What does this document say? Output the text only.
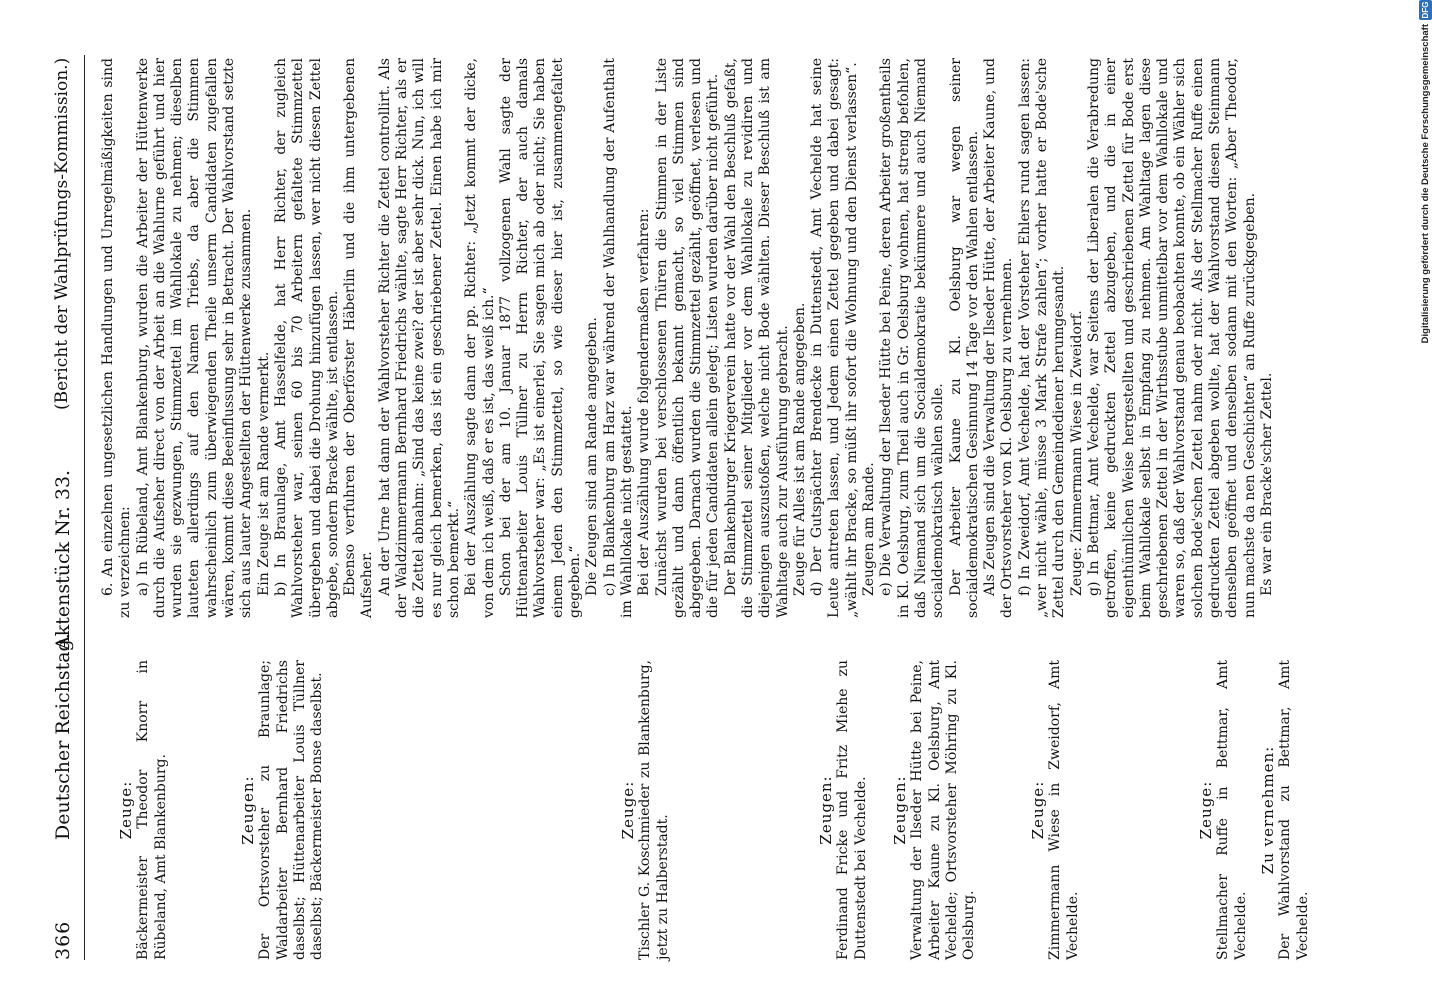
366
Deutscher Reichstag.
Aktenstück Nr. 33.
(Bericht der Wahlprüfungs-Kommission.)
Zeuge: Bäckermeister Theodor Knorr in Rübeland, Amt Blankenburg.	Zeugen: Der Ortsvorsteher zu Braunlage; Waldarbeiter Bernhard Friedrichs daselbst; Hüttenarbeiter Louis Tüllner daselbst; Bäckermeister Bonse daselbst.	Zeuge: Tischler G. Koschmieder zu Blankenburg, jetzt zu Halberstadt.
Zeugen: Ferdinand Fricke und Fritz Miehe zu Duttenstedt bei Vechelde. Zeugen: Verwaltung der Ilseder Hütte bei Peine, Arbeiter Kaune zu Kl. Oelsburg, Amt Vechelde; Ortsvorsteher Möhring zu Kl. Oelsburg.
Zeuge: Zimmermann Wiese in Zweidorf, Amt Vechelde.
Zeuge: Stellmacher Ruffe in Bettmar, Amt Vechelde.
Zu vernehmen: Der Wahlvorstand zu Bettmar, Amt Vechelde.

6. An einzelnen ungesetzlichen Handlungen und Unregelmäßigkeiten sind zu verzeichnen: a) In Rübeland, Amt Blankenburg, wurden die Arbeiter der Hüttenwerke durch die Aufseher direct von der Arbeit an die Wahlurne geführt und hier wurden sie gezwungen, Stimmzettel im Wahllokale zu nehmen; dieselben lauteten allerdings auf den Namen Triebs, da aber die Stimmen wahrscheinlich zum überwiegenden Theile unserm Candidaten zugefallen wären, kommt diese Beeinflussung sehr in Betracht. Der Wahlvorstand setzte sich aus lauter Angestellten der Hüttenwerke zusammen. Ein Zeuge ist am Rande vermerkt. b) In Braunlage, Amt Hasselfelde, hat Herr Richter, der zugleich Wahlvorsteher war, seinen 60 bis 70 Arbeitern gefaltete Stimmzettel übergeben und dabei die Drohung hinzufügen lassen, wer nicht diesen Zettel abgebe, sondern Bracke wählte, ist entlassen. Ebenso verfuhren der Oberförster Häberlin und die ihm untergebenen Aufseher. An der Urne hat dann der Wahlvorsteher Richter die Zettel controllirt. Als der Waldzimmermann Bernhard Friedrichs wählte, sagte Herr Richter, als er die Zettel abnahm: „Sind das keine zwei? der ist aber sehr dick. Nun, ich will es nur gleich bemerken, das ist ein geschriebener Zettel. Einen habe ich mir schon bemerkt.“ Bei der Auszählung sagte dann der pp. Richter: „Jetzt kommt der dicke, von dem ich weiß, daß er es ist, das weiß ich.“ Schon bei der am 10. Januar 1877 vollzogenen Wahl sagte der Hüttenarbeiter Louis Tüllner zu Herrn Richter, der auch damals Wahlvorsteher war: „Es ist einerlei, Sie sagen mich ab oder nicht; Sie haben einem Jeden den Stimmzettel, so wie dieser hier ist, zusammengefaltet gegeben.“ Die Zeugen sind am Rande angegeben. c) In Blankenburg am Harz war während der Wahlhandlung der Aufenthalt im Wahllokale nicht gestattet. Bei der Auszählung wurde folgendermaßen verfahren: Zunächst wurden bei verschlossenen Thüren die Stimmen in der Liste gezählt und dann öffentlich bekannt gemacht, so viel Stimmen sind abgegeben. Darnach wurden die Stimmzettel gezählt, geöffnet, verlesen und die für jeden Candidaten allein gelegt; Listen wurden darüber nicht geführt. Der Blankenburger Kriegerverein hatte vor der Wahl den Beschluß gefaßt, die Stimmzettel seiner Mitglieder vor dem Wahllokale zu revidiren und diejenigen auszustoßen, welche nicht Bode wählten. Dieser Beschluß ist am Wahltage auch zur Ausführung gebracht. Zeuge für Alles ist am Rande angegeben. d) Der Gutspächter Brendecke in Duttenstedt, Amt Vechelde hat seine Leute antreten lassen, und Jedem einen Zettel gegeben und dabei gesagt: „wählt ihr Bracke, so müßt ihr sofort die Wohnung und den Dienst verlassen“. Zeugen am Rande. e) Die Verwaltung der Ilseder Hütte bei Peine, deren Arbeiter großentheils in Kl. Oelsburg, zum Theil auch in Gr. Oelsburg wohnen, hat streng befohlen, daß Niemand sich um die Socialdemokratie bekümmere und auch Niemand socialdemokratisch wählen solle. Der Arbeiter Kaune zu Kl. Oelsburg war wegen seiner socialdemokratischen Gesinnung 14 Tage vor den Wahlen entlassen. Als Zeugen sind die Verwaltung der Ilseder Hütte, der Arbeiter Kaune, und der Ortsvorsteher von Kl. Oelsburg zu vernehmen. f) In Zweidorf, Amt Vechelde, hat der Vorsteher Ehlers rund sagen lassen: „wer nicht wähle, müsse 3 Mark Strafe zahlen“; vorher hatte er Bode'sche Zettel durch den Gemeindediener herumgesandt. Zeuge: Zimmermann Wiese in Zweidorf. g) In Bettmar, Amt Vechelde, war Seitens der Liberalen die Verabredung getroffen, keine gedruckten Zettel abzugeben, und die in einer eigenthümlichen Weise hergestellten und geschriebenen Zettel für Bode erst beim Wahllokale selbst in Empfang zu nehmen. Am Wahltage lagen diese geschriebenen Zettel in der Wirthsstube unmittelbar vor dem Wahllokale und waren so, daß der Wahlvorstand genau beobachten konnte, ob ein Wähler sich solchen Bode'schen Zettel nahm oder nicht. Als der Stellmacher Ruffe einen gedruckten Zettel abgeben wollte, hat der Wahlvorstand diesen Steinmann denselben geöffnet und denselben sodann mit den Worten: „Aber Theodor, nun machste da nen Geschichten“ an Ruffe zurückgegeben. Es war ein Bracke'scher Zettel.

Digitalisierung gefördert durch die Deutsche Forschungsgemeinschaft
DFG
